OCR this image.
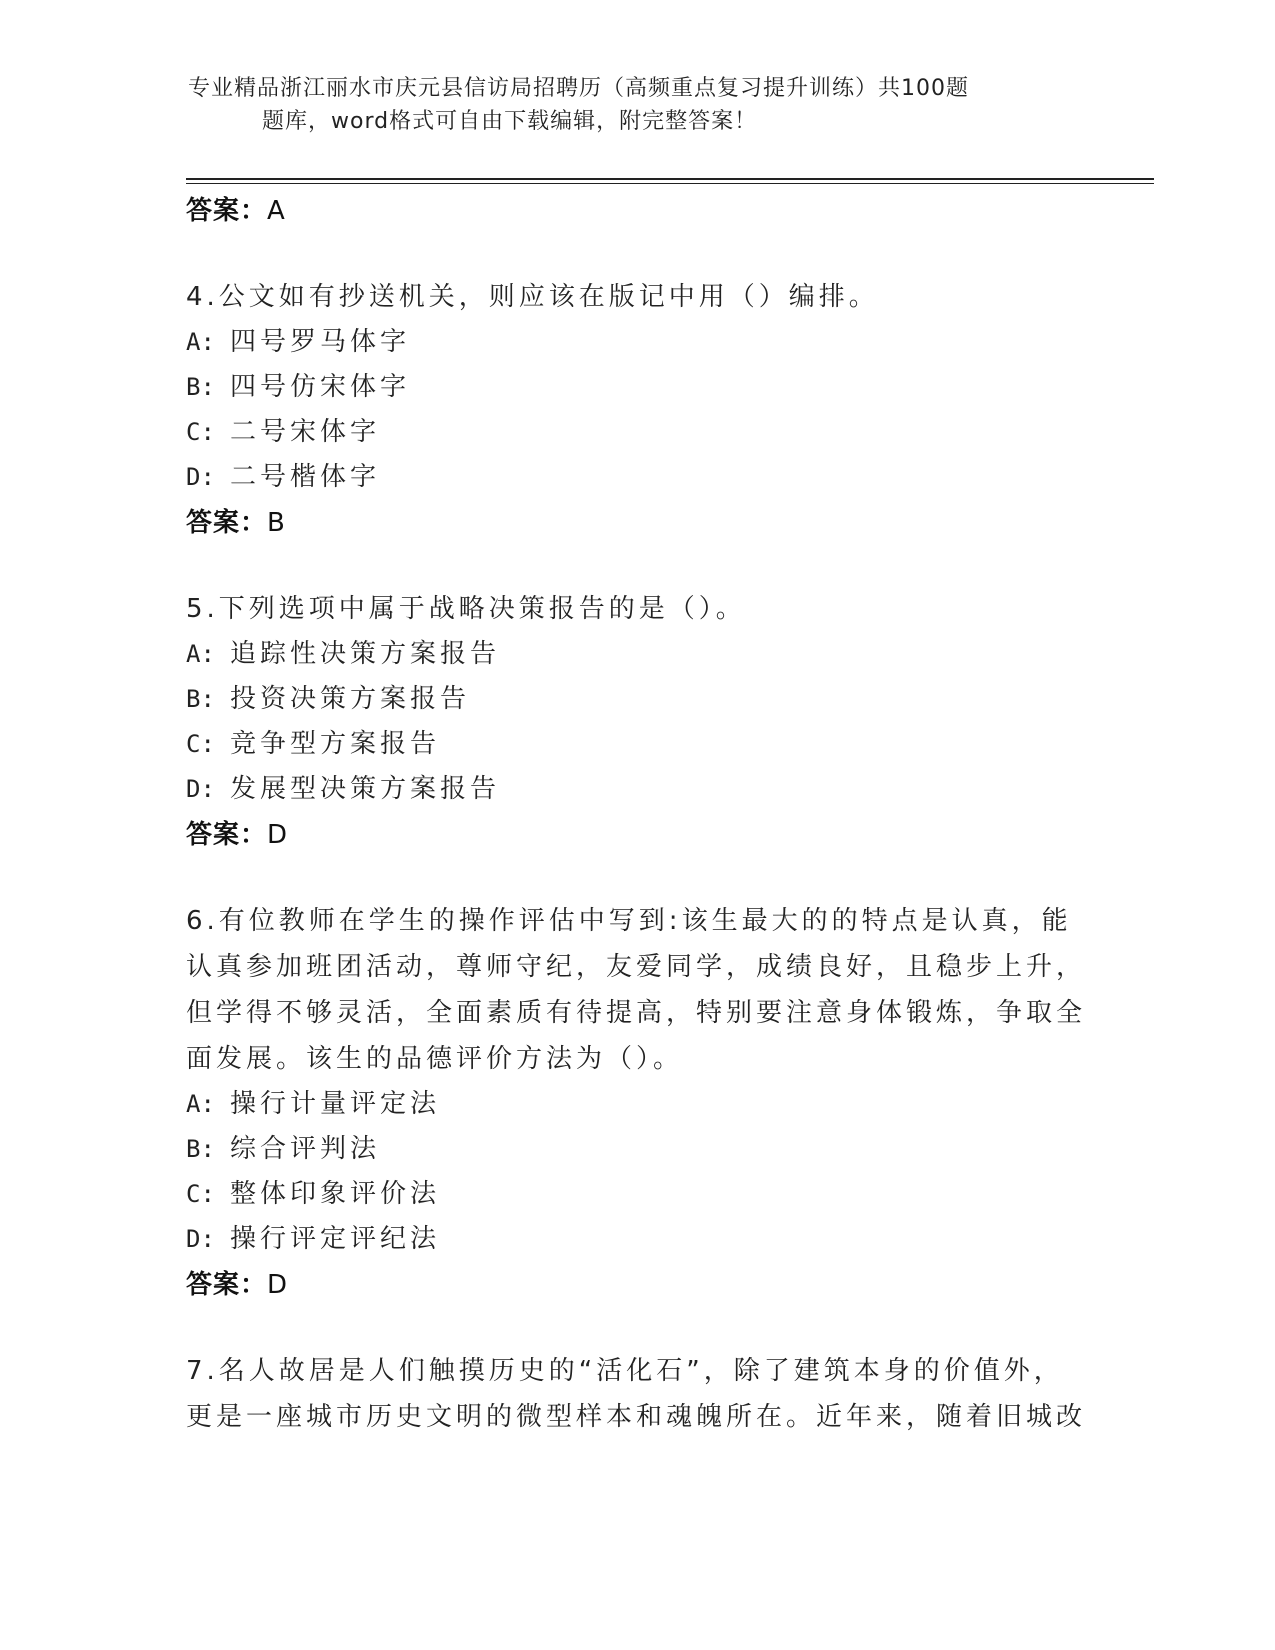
专业精品浙江丽水市庆元县信访局招聘历（高频重点复习提升训练）共100题
题库，word格式可自由下载编辑，附完整答案！
答案：A
4.公文如有抄送机关，则应该在版记中用（）编排。
A: 四号罗马体字
B: 四号仿宋体字
C: 二号宋体字
D: 二号楷体字
答案：B
5.下列选项中属于战略决策报告的是（）。
A: 追踪性决策方案报告
B: 投资决策方案报告
C: 竞争型方案报告
D: 发展型决策方案报告
答案：D
6.有位教师在学生的操作评估中写到:该生最大的的特点是认真，能认真参加班团活动，尊师守纪，友爱同学，成绩良好，且稳步上升，但学得不够灵活，全面素质有待提高，特别要注意身体锻炼，争取全面发展。该生的品德评价方法为（）。
A: 操行计量评定法
B: 综合评判法
C: 整体印象评价法
D: 操行评定评纪法
答案：D
7.名人故居是人们触摸历史的“活化石”，除了建筑本身的价值外，更是一座城市历史文明的微型样本和魂魄所在。近年来，随着旧城改
